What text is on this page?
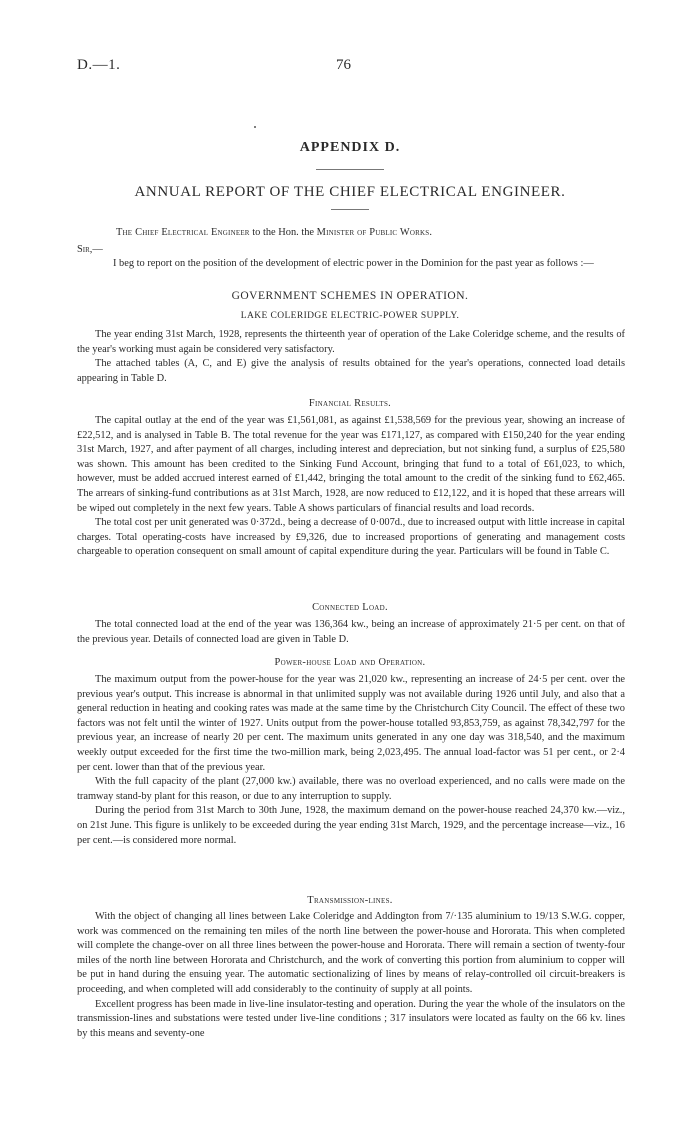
D.—1.	76
APPENDIX D.
ANNUAL REPORT OF THE CHIEF ELECTRICAL ENGINEER.
The Chief Electrical Engineer to the Hon. the Minister of Public Works.
Sir,—

I beg to report on the position of the development of electric power in the Dominion for the past year as follows :—

GOVERNMENT SCHEMES IN OPERATION.
LAKE COLERIDGE ELECTRIC-POWER SUPPLY.

The year ending 31st March, 1928, represents the thirteenth year of operation of the Lake Coleridge scheme, and the results of the year's working must again be considered very satisfactory.

The attached tables (A, C, and E) give the analysis of results obtained for the year's operations, connected load details appearing in Table D.

Financial Results.

The capital outlay at the end of the year was £1,561,081, as against £1,538,569 for the previous year, showing an increase of £22,512, and is analysed in Table B. The total revenue for the year was £171,127, as compared with £150,240 for the year ending 31st March, 1927, and after payment of all charges, including interest and depreciation, but not sinking fund, a surplus of £25,580 was shown. This amount has been credited to the Sinking Fund Account, bringing that fund to a total of £61,023, to which, however, must be added accrued interest earned of £1,442, bringing the total amount to the credit of the sinking fund to £62,465. The arrears of sinking-fund contributions as at 31st March, 1928, are now reduced to £12,122, and it is hoped that these arrears will be wiped out completely in the next few years. Table A shows particulars of financial results and load records.

The total cost per unit generated was 0·372d., being a decrease of 0·007d., due to increased output with little increase in capital charges. Total operating-costs have increased by £9,326, due to increased proportions of generating and management costs chargeable to operation consequent on small amount of capital expenditure during the year. Particulars will be found in Table C.

Connected Load.

The total connected load at the end of the year was 136,364 kw., being an increase of approximately 21·5 per cent. on that of the previous year. Details of connected load are given in Table D.

Power-house Load and Operation.

The maximum output from the power-house for the year was 21,020 kw., representing an increase of 24·5 per cent. over the previous year's output. This increase is abnormal in that unlimited supply was not available during 1926 until July, and also that a general reduction in heating and cooking rates was made at the same time by the Christchurch City Council. The effect of these two factors was not felt until the winter of 1927. Units output from the power-house totalled 93,853,759, as against 78,342,797 for the previous year, an increase of nearly 20 per cent. The maximum units generated in any one day was 318,540, and the maximum weekly output exceeded for the first time the two-million mark, being 2,023,495. The annual load-factor was 51 per cent., or 2·4 per cent. lower than that of the previous year.

With the full capacity of the plant (27,000 kw.) available, there was no overload experienced, and no calls were made on the tramway stand-by plant for this reason, or due to any interruption to supply.

During the period from 31st March to 30th June, 1928, the maximum demand on the power-house reached 24,370 kw.—viz., on 21st June. This figure is unlikely to be exceeded during the year ending 31st March, 1929, and the percentage increase—viz., 16 per cent.—is considered more normal.

Transmission-lines.

With the object of changing all lines between Lake Coleridge and Addington from 7/·135 aluminium to 19/13 S.W.G. copper, work was commenced on the remaining ten miles of the north line between the power-house and Hororata. This when completed will complete the change-over on all three lines between the power-house and Hororata. There will remain a section of twenty-four miles of the north line between Hororata and Christchurch, and the work of converting this portion from aluminium to copper will be put in hand during the ensuing year. The automatic sectionalizing of lines by means of relay-controlled oil circuit-breakers is proceeding, and when completed will add considerably to the continuity of supply at all points.

Excellent progress has been made in live-line insulator-testing and operation. During the year the whole of the insulators on the transmission-lines and substations were tested under live-line conditions ; 317 insulators were located as faulty on the 66 kv. lines by this means and seventy-one
